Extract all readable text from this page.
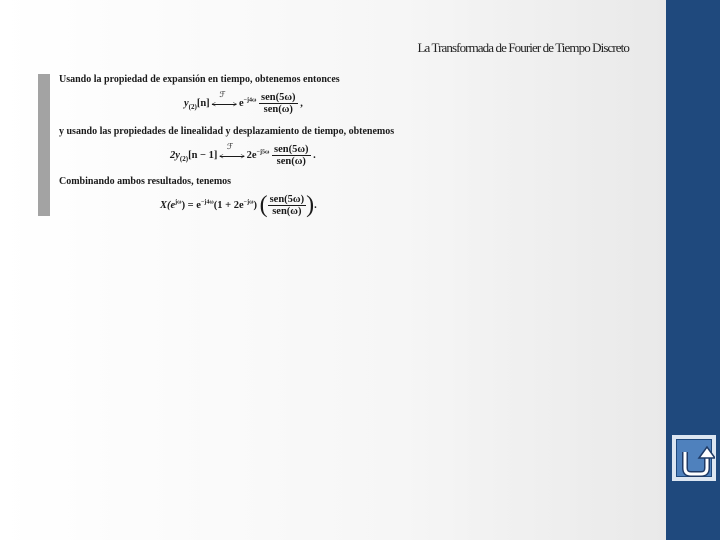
La Transformada de Fourier de Tiempo Discreto
Usando la propiedad de expansión en tiempo, obtenemos entonces
$y_{(2)}[n]$
ℱ
< > $e^{-j4\omega} \frac{\text{sen(5ω)}}{\text{sen(ω)}}$ ,
y usando las propiedades de linealidad y desplazamiento de tiempo, obtenemos
$2y_{(2)}[n - 1]$
ℱ
< > $2e^{-j5\omega} \frac{\text{sen(5ω)}}{\text{sen(ω)}}$ .
Combinando ambos resultados, tenemos
$X(e^{j\omega}) = e^{-j4\omega}(1 + 2e^{-j\omega})$ ( $\frac{\text{sen(5ω)}}{\text{sen(ω)}}$ ).
